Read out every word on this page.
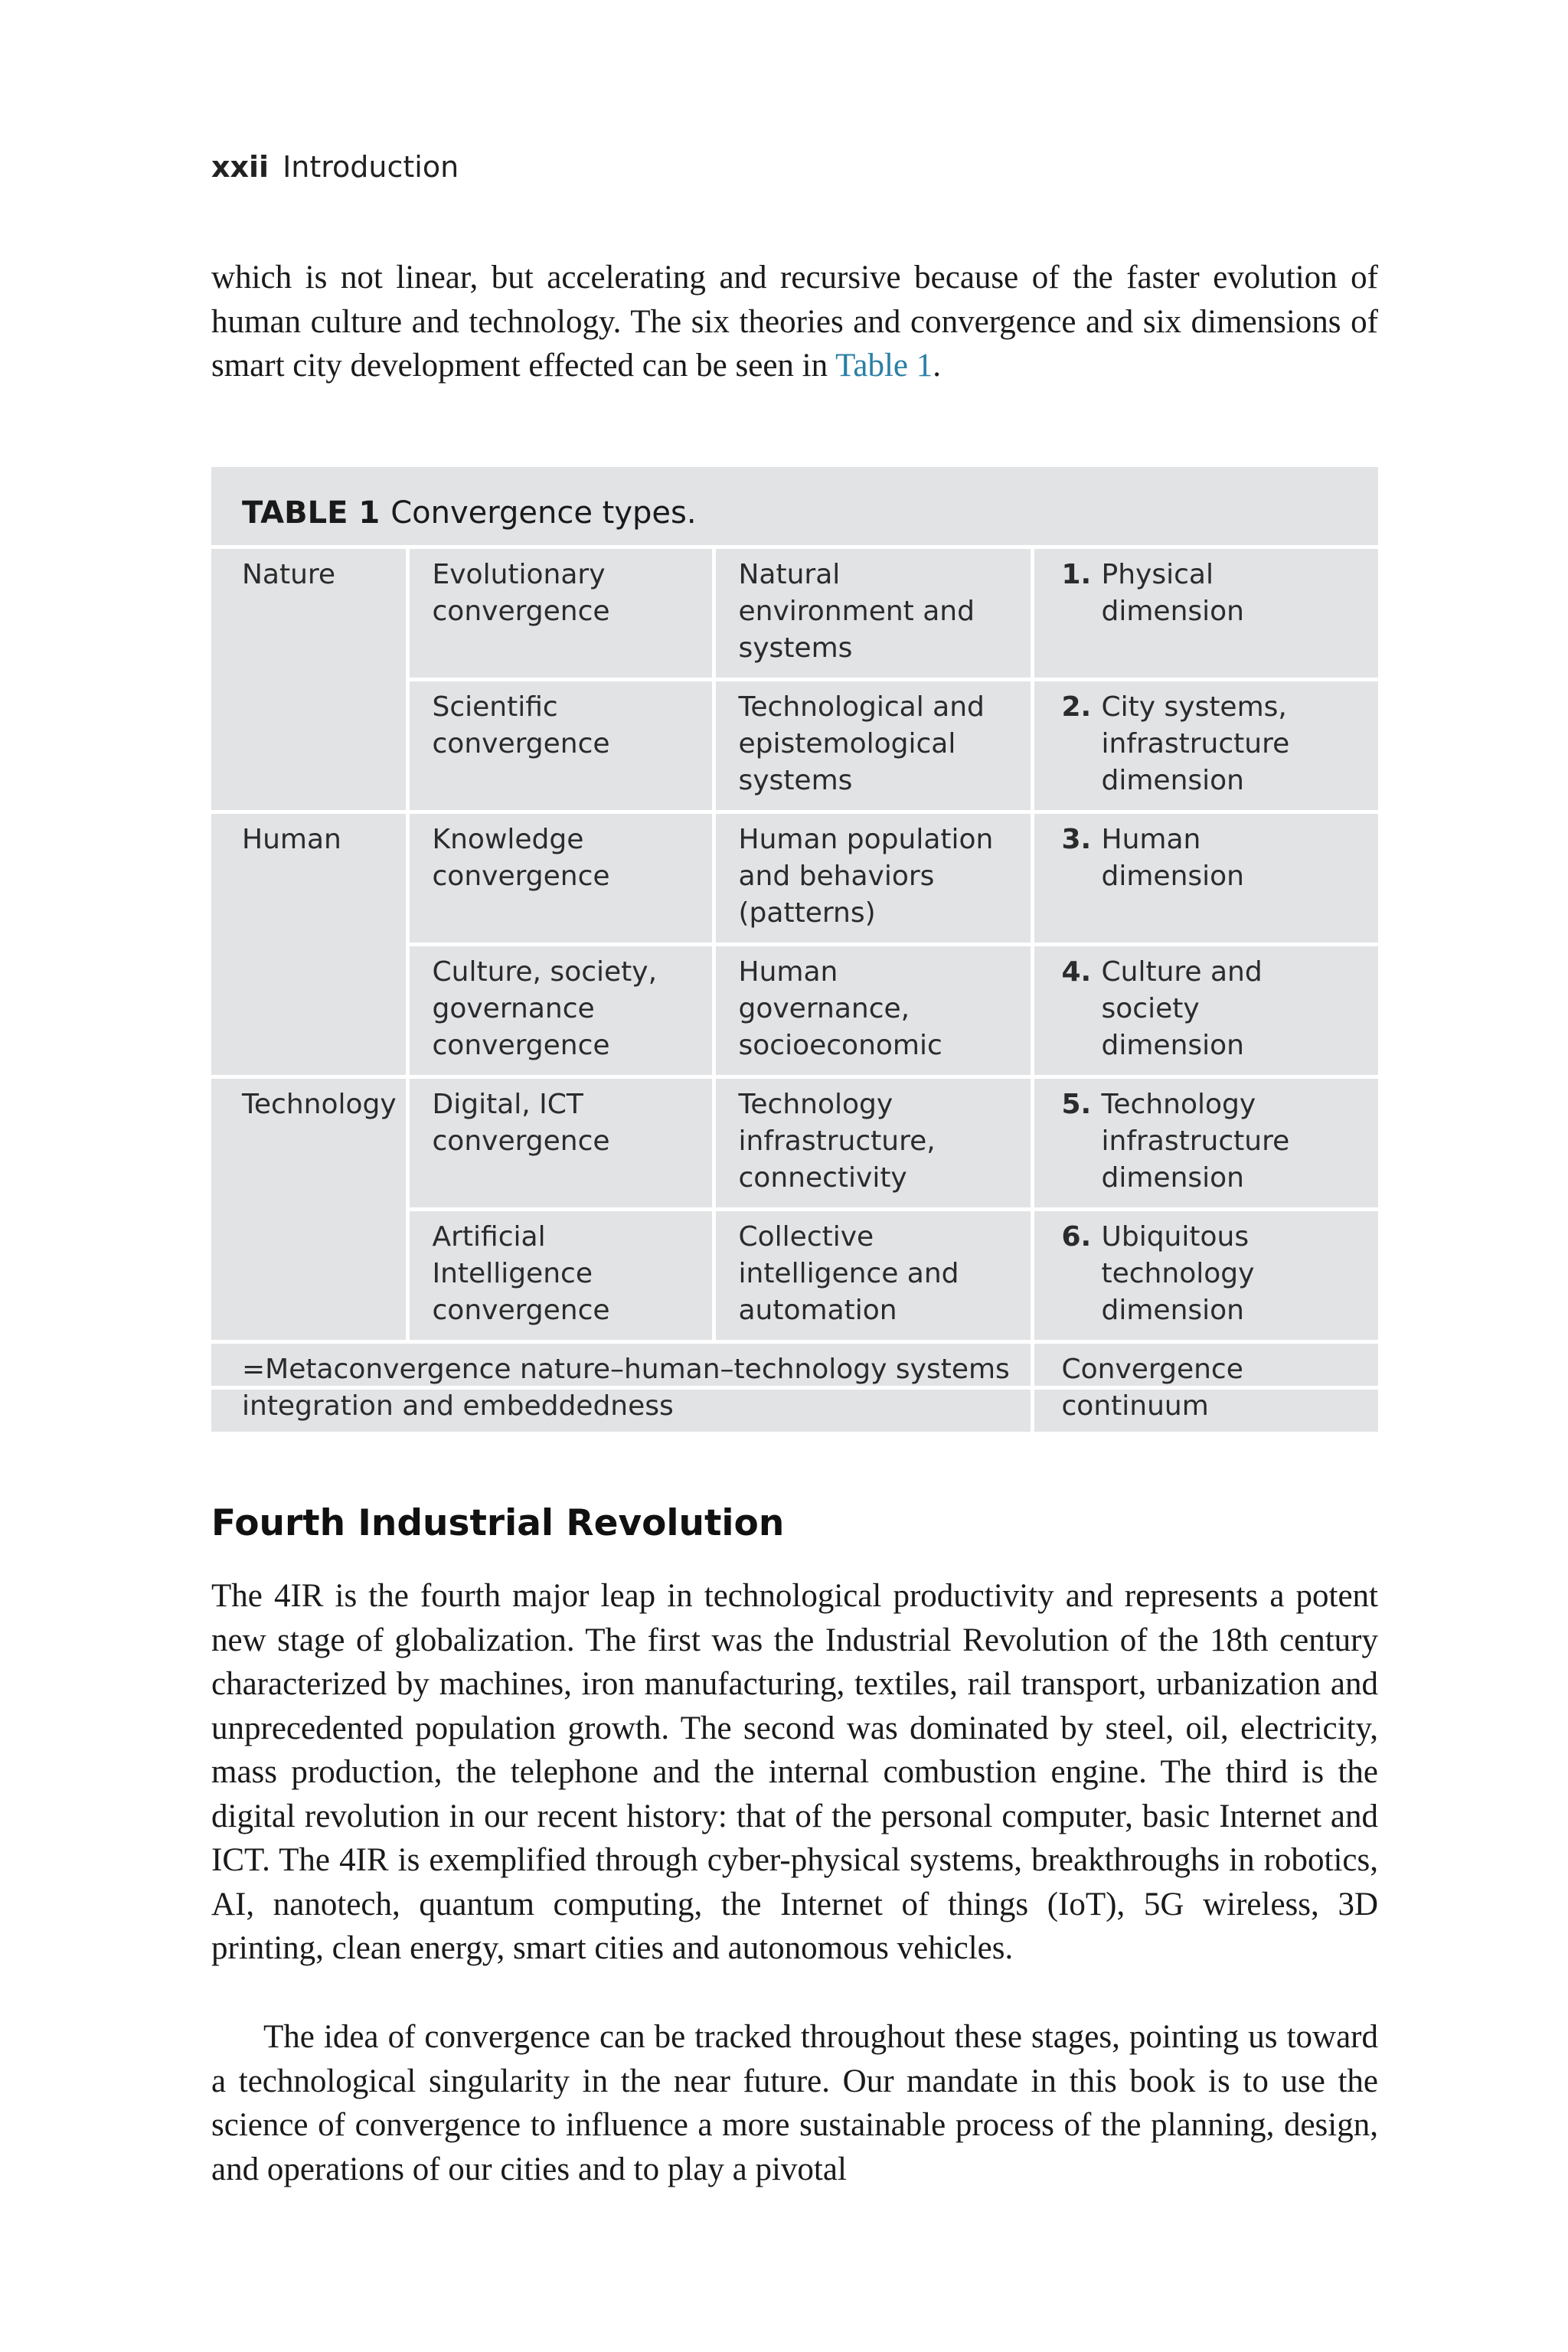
xxii Introduction

which is not linear, but accelerating and recursive because of the faster evolution of human culture and technology. The six theories and convergence and six dimensions of smart city development effected can be seen in Table 1.

TABLE 1 Convergence types.
Nature	Evolutionary convergence	Natural environment and systems	1. Physical dimension
	Scientific convergence	Technological and epistemological systems	2. City systems, infrastructure dimension
Human	Knowledge convergence	Human population and behaviors (patterns)	3. Human dimension
	Culture, society, governance convergence	Human governance, socioeconomic	4. Culture and society dimension
Technology	Digital, ICT convergence	Technology infrastructure, connectivity	5. Technology infrastructure dimension
	Artificial Intelligence convergence	Collective intelligence and automation	6. Ubiquitous technology dimension
=Metaconvergence nature–human–technology systems integration and embeddedness			Convergence continuum
Fourth Industrial Revolution

The 4IR is the fourth major leap in technological productivity and represents a potent new stage of globalization. The first was the Industrial Revolution of the 18th century characterized by machines, iron manufacturing, textiles, rail transport, urbanization and unprecedented population growth. The second was dominated by steel, oil, electricity, mass production, the telephone and the internal combustion engine. The third is the digital revolution in our recent history: that of the personal computer, basic Internet and ICT. The 4IR is exemplified through cyber-physical systems, breakthroughs in robotics, AI, nanotech, quantum computing, the Internet of things (IoT), 5G wireless, 3D printing, clean energy, smart cities and autonomous vehicles.

The idea of convergence can be tracked throughout these stages, pointing us toward a technological singularity in the near future. Our mandate in this book is to use the science of convergence to influence a more sustainable process of the planning, design, and operations of our cities and to play a pivotal
